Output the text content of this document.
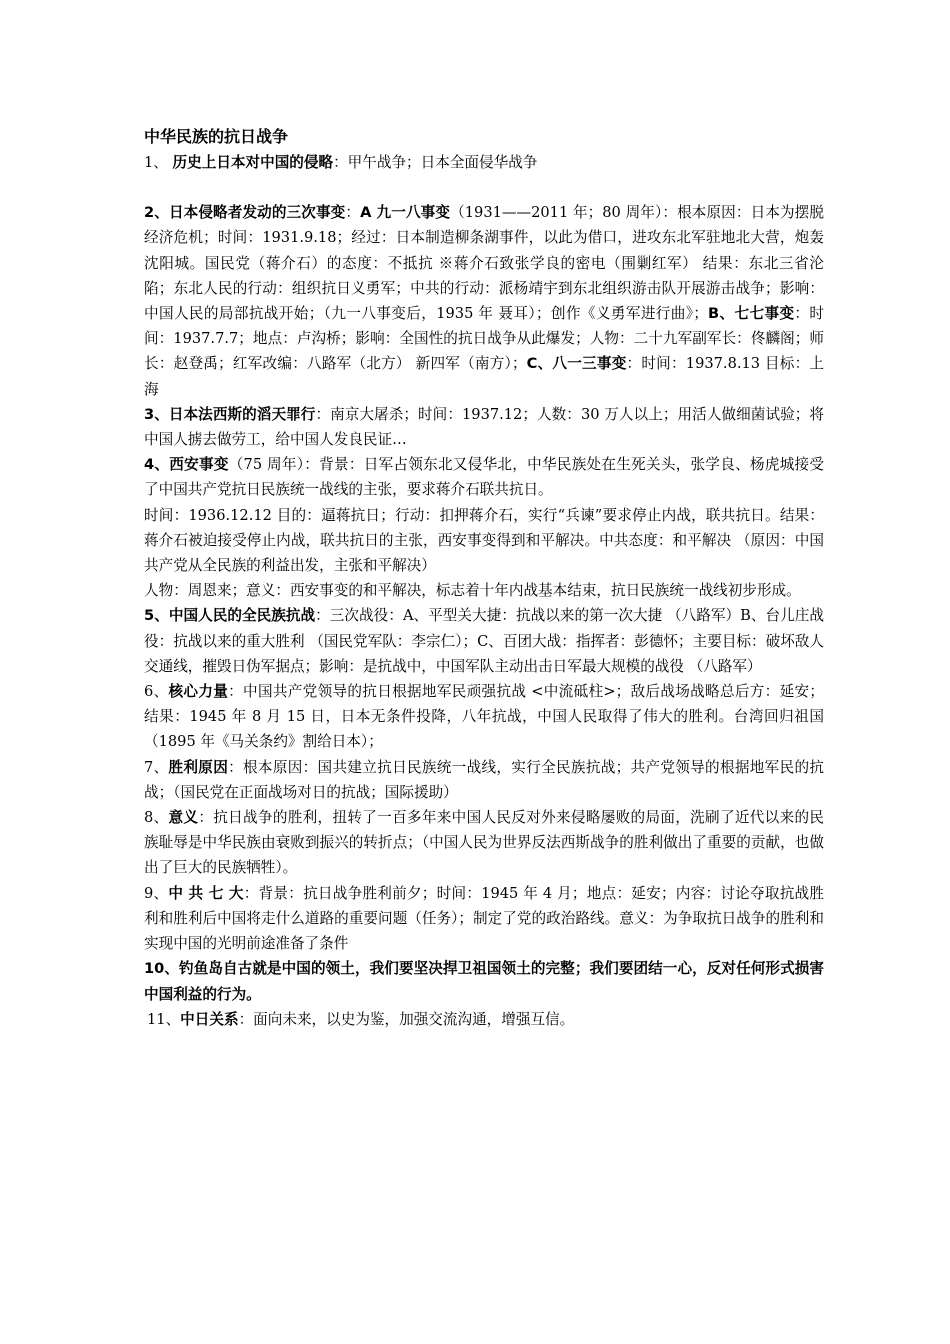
中华民族的抗日战争

1、 历史上日本对中国的侵略：甲午战争；日本全面侵华战争

2、日本侵略者发动的三次事变：A 九一八事变（1931——2011 年；80 周年）：根本原因：日本为摆脱经济危机；时间：1931.9.18；经过：日本制造柳条湖事件，以此为借口，进攻东北军驻地北大营，炮轰沈阳城。国民党（蒋介石）的态度：不抵抗 ※蒋介石致张学良的密电（围剿红军） 结果：东北三省沦陷；东北人民的行动：组织抗日义勇军；中共的行动：派杨靖宇到东北组织游击队开展游击战争；影响：中国人民的局部抗战开始；（九一八事变后，1935 年 聂耳）；创作《义勇军进行曲》；B、七七事变：时间：1937.7.7；地点：卢沟桥；影响：全国性的抗日战争从此爆发；人物：二十九军副军长：佟麟阁；师长：赵登禹；红军改编：八路军（北方） 新四军（南方）；C、八一三事变：时间：1937.8.13 目标：上海

3、日本法西斯的滔天罪行：南京大屠杀；时间：1937.12；人数：30 万人以上；用活人做细菌试验；将中国人掳去做劳工，给中国人发良民证…

4、西安事变（75 周年）：背景：日军占领东北又侵华北，中华民族处在生死关头，张学良、杨虎城接受了中国共产党抗日民族统一战线的主张，要求蒋介石联共抗日。

时间：1936.12.12 目的：逼蒋抗日；行动：扣押蒋介石，实行“兵谏”要求停止内战，联共抗日。结果：蒋介石被迫接受停止内战，联共抗日的主张，西安事变得到和平解决。中共态度：和平解决 （原因：中国共产党从全民族的利益出发，主张和平解决）

人物：周恩来；意义：西安事变的和平解决，标志着十年内战基本结束，抗日民族统一战线初步形成。

5、中国人民的全民族抗战：三次战役：A、平型关大捷：抗战以来的第一次大捷 （八路军）B、台儿庄战役：抗战以来的重大胜利 （国民党军队：李宗仁）；C、百团大战：指挥者：彭德怀；主要目标：破坏敌人交通线，摧毁日伪军据点；影响：是抗战中，中国军队主动出击日军最大规模的战役 （八路军）

6、核心力量：中国共产党领导的抗日根据地军民顽强抗战 <中流砥柱>；敌后战场战略总后方：延安；结果：1945 年 8 月 15 日，日本无条件投降，八年抗战，中国人民取得了伟大的胜利。台湾回归祖国（1895 年《马关条约》割给日本）；

7、胜利原因：根本原因：国共建立抗日民族统一战线，实行全民族抗战；共产党领导的根据地军民的抗战；（国民党在正面战场对日的抗战；国际援助）

8、意义：抗日战争的胜利，扭转了一百多年来中国人民反对外来侵略屡败的局面，洗刷了近代以来的民族耻辱是中华民族由衰败到振兴的转折点；（中国人民为世界反法西斯战争的胜利做出了重要的贡献，也做出了巨大的民族牺牲）。

9、中 共 七 大：背景：抗日战争胜利前夕；时间：1945 年 4 月；地点：延安；内容：讨论夺取抗战胜利和胜利后中国将走什么道路的重要问题（任务）；制定了党的政治路线。意义：为争取抗日战争的胜利和实现中国的光明前途准备了条件

10、钓鱼岛自古就是中国的领土，我们要坚决捍卫祖国领土的完整；我们要团结一心，反对任何形式损害中国利益的行为。

11、中日关系：面向未来，以史为鉴，加强交流沟通，增强互信。
